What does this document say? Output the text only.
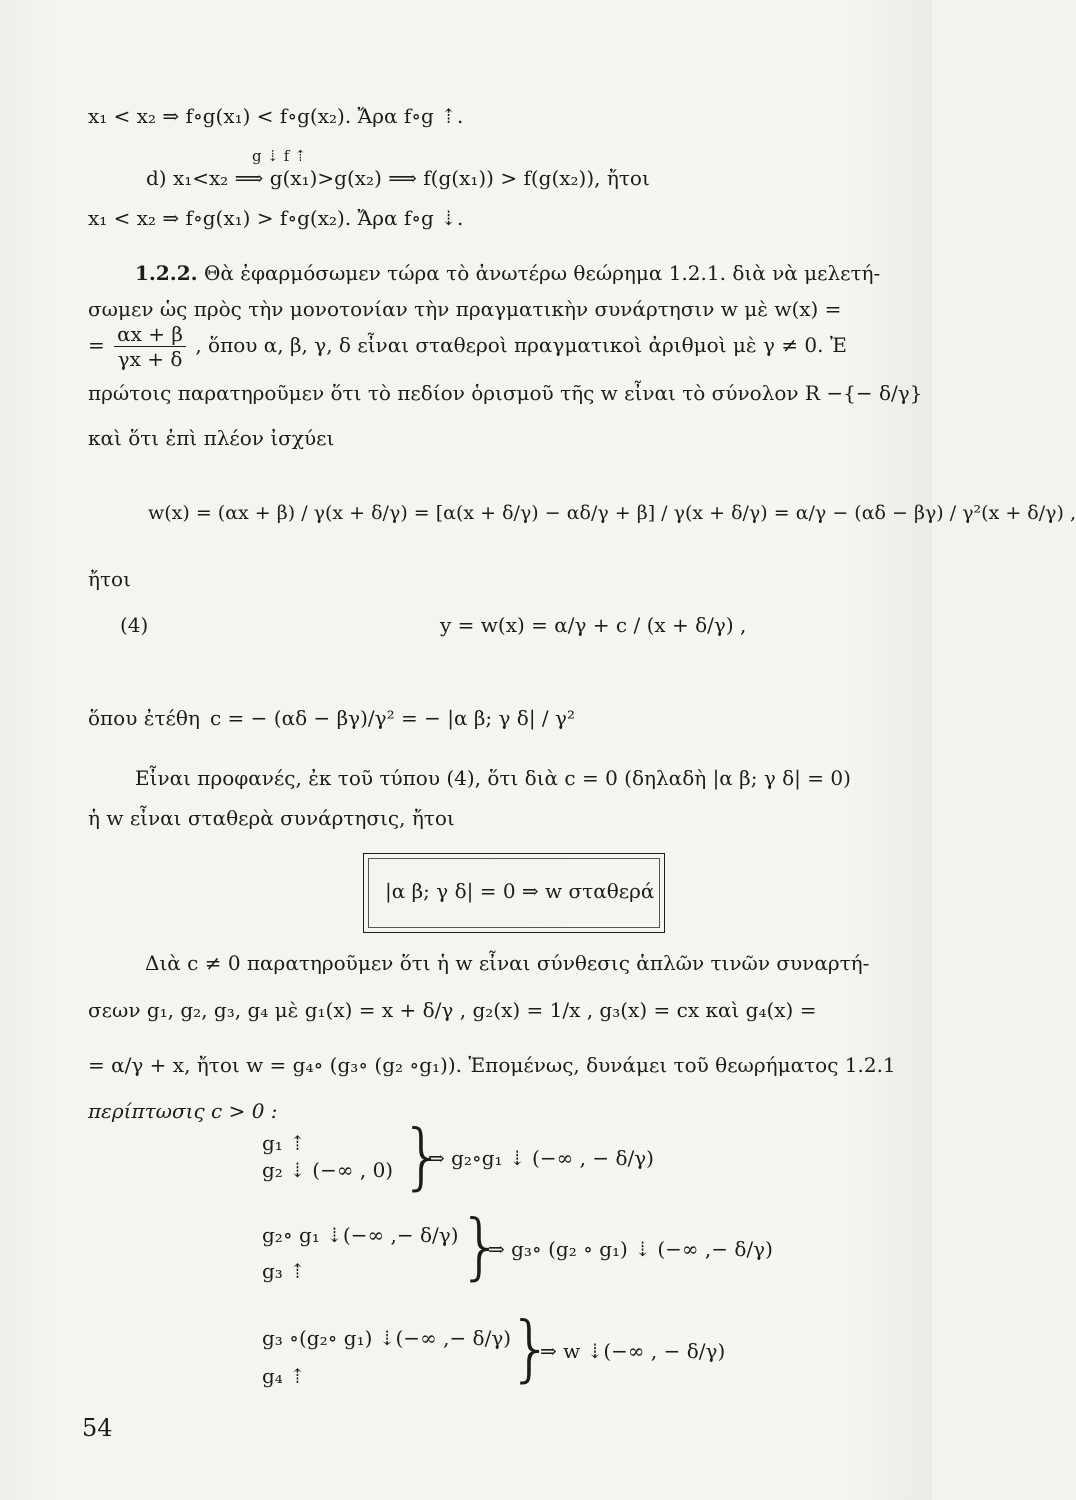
x₁ < x₂ ⇒ f∘g(x₁) < f∘g(x₂). Ἄρα f∘g ⇡.
g ⇣ f ⇡
d) x₁<x₂ ⟹ g(x₁)>g(x₂) ⟹ f(g(x₁)) > f(g(x₂)), ἤτοι
x₁ < x₂ ⇒ f∘g(x₁) > f∘g(x₂). Ἄρα f∘g ⇣.
1.2.2. Θὰ ἐφαρμόσωμεν τώρα τὸ ἀνωτέρω θεώρημα 1.2.1. διὰ νὰ μελετή-
σωμεν ὡς πρὸς τὴν μονοτονίαν τὴν πραγματικὴν συνάρτησιν w μὲ w(x) =
= $\frac{\alpha x + \beta}{\gamma x + \delta}$ , ὅπου α, β, γ, δ εἶναι σταθεροὶ πραγματικοὶ ἀριθμοὶ μὲ γ ≠ 0. Ἐ
πρώτοις παρατηροῦμεν ὅτι τὸ πεδίον ὁρισμοῦ τῆς w εἶναι τὸ σύνολον R −{− δ/γ}
καὶ ὅτι ἐπὶ πλέον ἰσχύει
w(x) = (αx + β) / γ(x + δ/γ) = [α(x + δ/γ) − αδ/γ + β] / γ(x + δ/γ) = α/γ − (αδ − βγ) / γ²(x + δ/γ) ,
ἤτοι
(4)	y = w(x) = α/γ + c / (x + δ/γ) ,
ὅπου ἐτέθη c = − (αδ − βγ)/γ² = − |α β; γ δ| / γ²
Εἶναι προφανές, ἐκ τοῦ τύπου (4), ὅτι διὰ c = 0 (δηλαδὴ |α β; γ δ| = 0)
ἡ w εἶναι σταθερὰ συνάρτησις, ἤτοι
|α β; γ δ| = 0 ⇒ w σταθερά
Διὰ c ≠ 0 παρατηροῦμεν ὅτι ἡ w εἶναι σύνθεσις ἁπλῶν τινῶν συναρτή-
σεων g₁, g₂, g₃, g₄ μὲ g₁(x) = x + δ/γ , g₂(x) = 1/x , g₃(x) = cx καὶ g₄(x) =
= α/γ + x, ἤτοι w = g₄∘ (g₃∘ (g₂ ∘g₁)). Ἑπομένως, δυνάμει τοῦ θεωρήματος 1.2.1
περίπτωσις c > 0 :
g₁ ⇡
g₂ ⇣ (−∞ , 0) }
⇒ g₂∘g₁ ⇣ (−∞ , − δ/γ)
g₂∘ g₁ ⇣(−∞ ,− δ/γ)
g₃ ⇡ }
⇒ g₃∘ (g₂ ∘ g₁) ⇣ (−∞ ,− δ/γ)
g₃ ∘(g₂∘ g₁) ⇣(−∞ ,− δ/γ)
g₄ ⇡	}
⇒ w ⇣(−∞ , − δ/γ)
54
